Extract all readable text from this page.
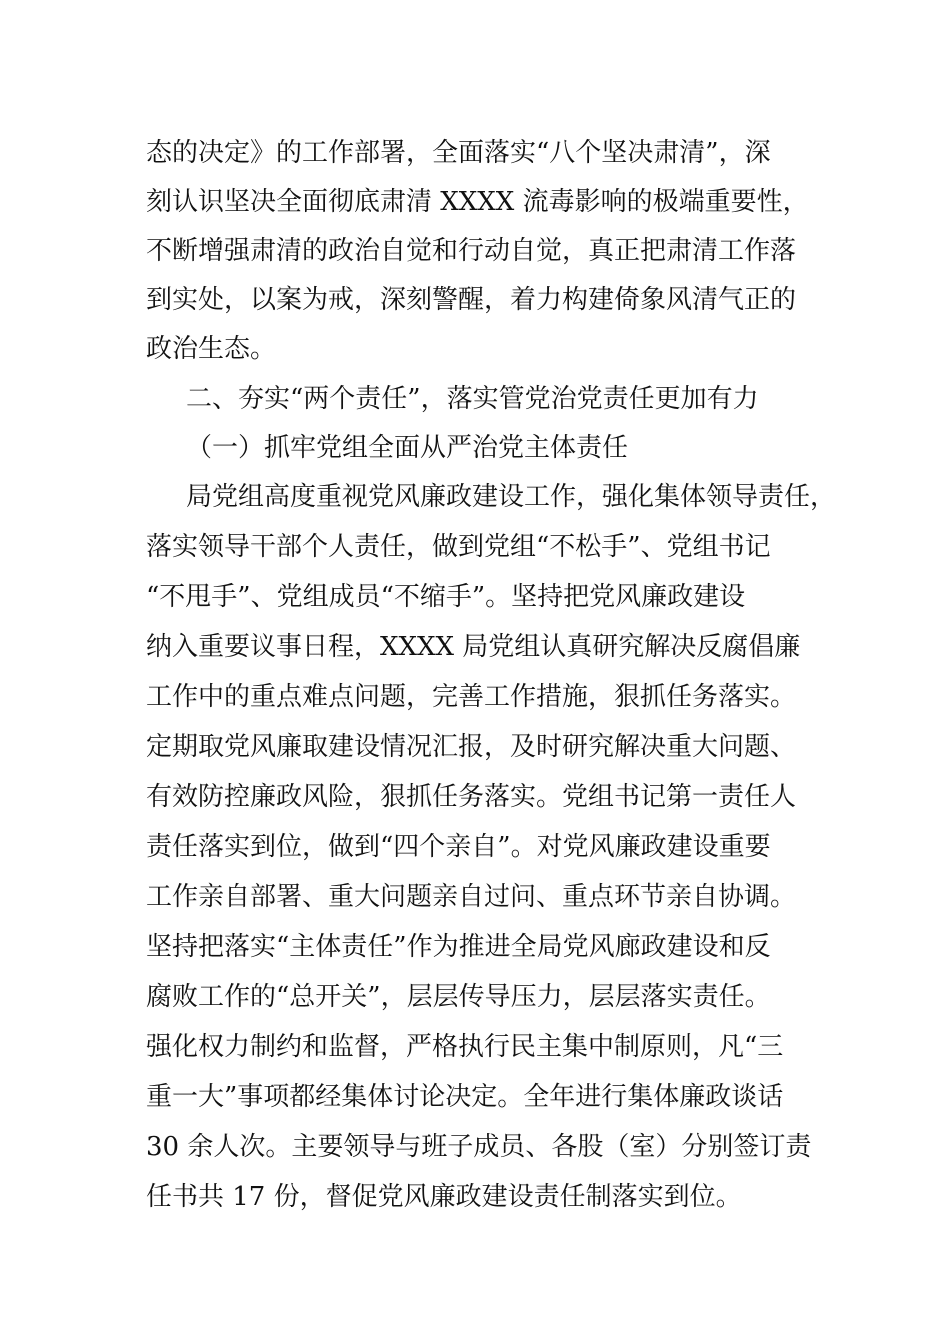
态的决定》的工作部署，全面落实“八个坚决肃清”，深
刻认识坚决全面彻底肃清 XXXX 流毒影响的极端重要性，
不断增强肃清的政治自觉和行动自觉，真正把肃清工作落
到实处，以案为戒，深刻警醒，着力构建倚象风清气正的
政治生态。
二、夯实“两个责任”，落实管党治党责任更加有力
（一）抓牢党组全面从严治党主体责任
局党组高度重视党风廉政建设工作，强化集体领导责任，
落实领导干部个人责任，做到党组“不松手”、党组书记
“不甩手”、党组成员“不缩手”。坚持把党风廉政建设
纳入重要议事日程，XXXX 局党组认真研究解决反腐倡廉
工作中的重点难点问题，完善工作措施，狠抓任务落实。
定期取党风廉取建设情况汇报，及时研究解决重大问题、
有效防控廉政风险，狠抓任务落实。党组书记第一责任人
责任落实到位，做到“四个亲自”。对党风廉政建设重要
工作亲自部署、重大问题亲自过问、重点环节亲自协调。
坚持把落实“主体责任”作为推进全局党风廊政建设和反
腐败工作的“总开关”，层层传导压力，层层落实责任。
强化权力制约和监督，严格执行民主集中制原则，凡“三
重一大”事项都经集体讨论决定。全年进行集体廉政谈话
30 余人次。主要领导与班子成员、各股（室）分别签订责
任书共 17 份，督促党风廉政建设责任制落实到位。
